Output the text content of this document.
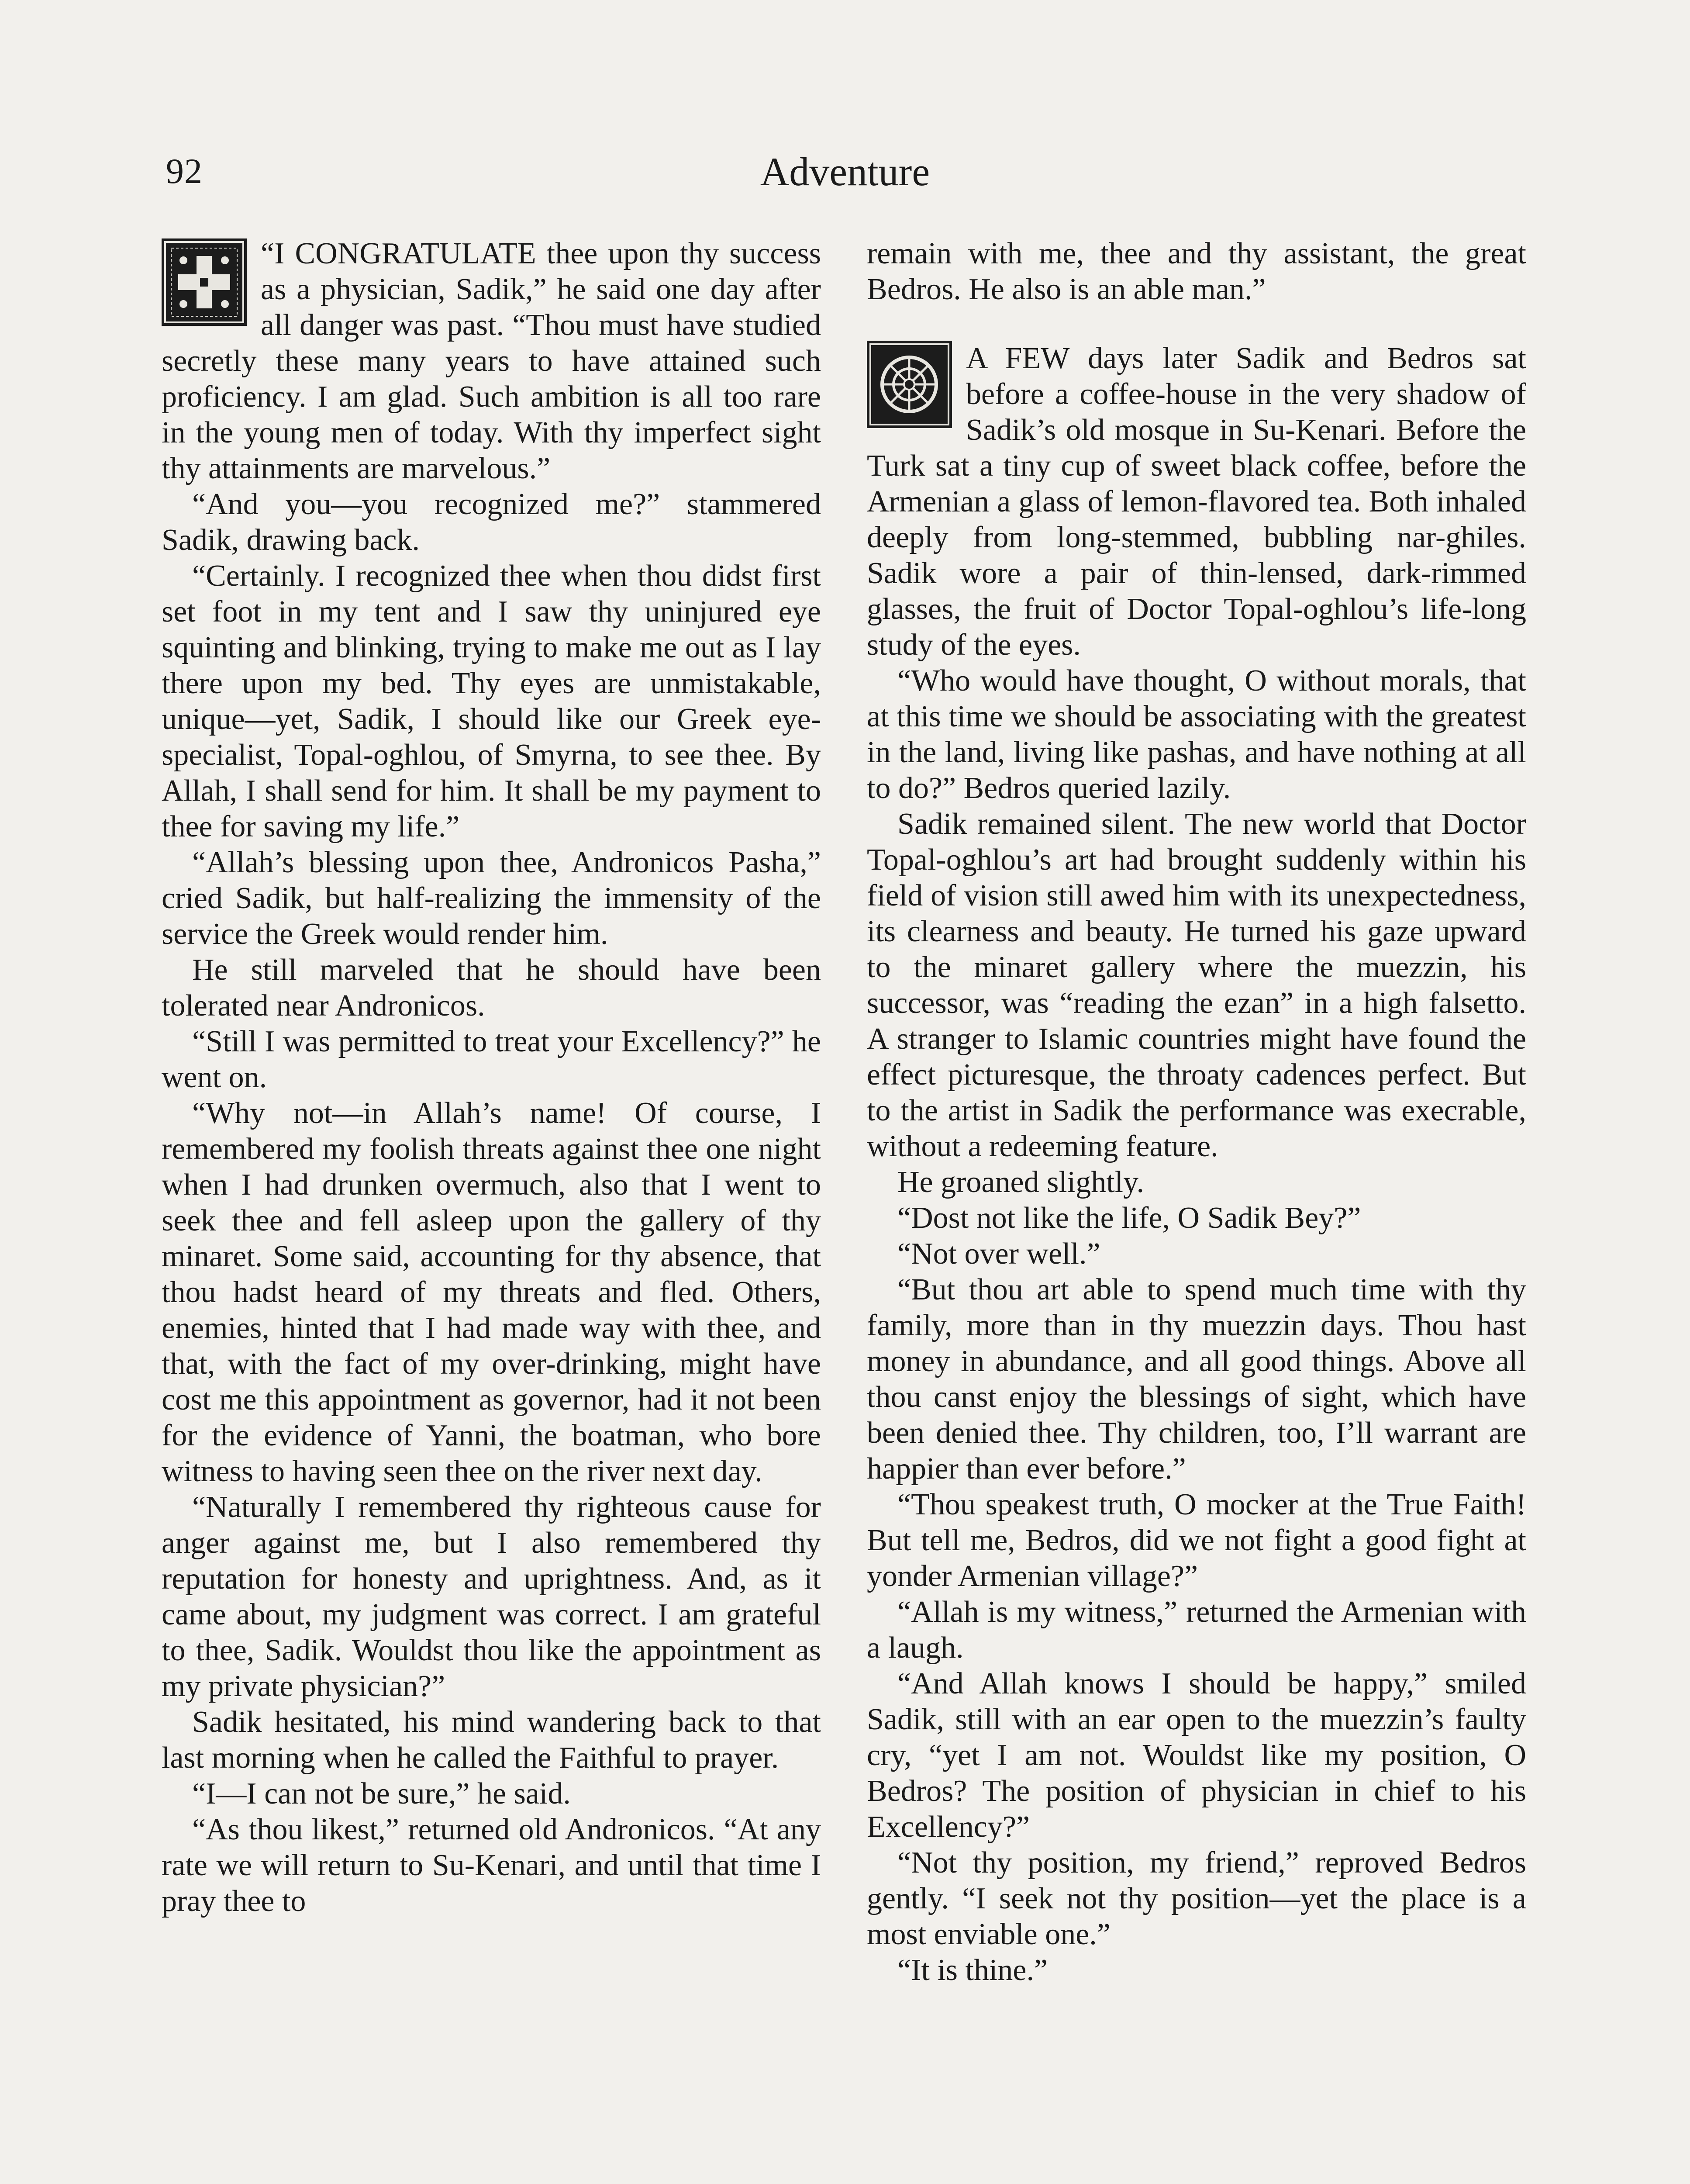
92	Adventure

“I CONGRATULATE thee upon thy success as a physician, Sadik,” he said one day after all danger was past. “Thou must have studied secretly these many years to have attained such proficiency. I am glad. Such ambition is all too rare in the young men of today. With thy imperfect sight thy attainments are marvelous.”

“And you—you recognized me?” stammered Sadik, drawing back.

“Certainly. I recognized thee when thou didst first set foot in my tent and I saw thy uninjured eye squinting and blinking, trying to make me out as I lay there upon my bed. Thy eyes are unmistakable, unique—yet, Sadik, I should like our Greek eye-specialist, Topal-oghlou, of Smyrna, to see thee. By Allah, I shall send for him. It shall be my payment to thee for saving my life.”

“Allah’s blessing upon thee, Andronicos Pasha,” cried Sadik, but half-realizing the immensity of the service the Greek would render him.

He still marveled that he should have been tolerated near Andronicos.

“Still I was permitted to treat your Excellency?” he went on.

“Why not—in Allah’s name! Of course, I remembered my foolish threats against thee one night when I had drunken overmuch, also that I went to seek thee and fell asleep upon the gallery of thy minaret. Some said, accounting for thy absence, that thou hadst heard of my threats and fled. Others, enemies, hinted that I had made way with thee, and that, with the fact of my over-drinking, might have cost me this appointment as governor, had it not been for the evidence of Yanni, the boatman, who bore witness to having seen thee on the river next day.

“Naturally I remembered thy righteous cause for anger against me, but I also remembered thy reputation for honesty and uprightness. And, as it came about, my judgment was correct. I am grateful to thee, Sadik. Wouldst thou like the appointment as my private physician?”

Sadik hesitated, his mind wandering back to that last morning when he called the Faithful to prayer.

“I—I can not be sure,” he said.

“As thou likest,” returned old Andronicos. “At any rate we will return to Su-Kenari, and until that time I pray thee to

remain with me, thee and thy assistant, the great Bedros. He also is an able man.”

A FEW days later Sadik and Bedros sat before a coffee-house in the very shadow of Sadik’s old mosque in Su-Kenari. Before the Turk sat a tiny cup of sweet black coffee, before the Armenian a glass of lemon-flavored tea. Both inhaled deeply from long-stemmed, bubbling nar-ghiles. Sadik wore a pair of thin-lensed, dark-rimmed glasses, the fruit of Doctor Topal-oghlou’s life-long study of the eyes.

“Who would have thought, O without morals, that at this time we should be associating with the greatest in the land, living like pashas, and have nothing at all to do?” Bedros queried lazily.

Sadik remained silent. The new world that Doctor Topal-oghlou’s art had brought suddenly within his field of vision still awed him with its unexpectedness, its clearness and beauty. He turned his gaze upward to the minaret gallery where the muezzin, his successor, was “reading the ezan” in a high falsetto. A stranger to Islamic countries might have found the effect picturesque, the throaty cadences perfect. But to the artist in Sadik the performance was execrable, without a redeeming feature.

He groaned slightly.

“Dost not like the life, O Sadik Bey?”

“Not over well.”

“But thou art able to spend much time with thy family, more than in thy muezzin days. Thou hast money in abundance, and all good things. Above all thou canst enjoy the blessings of sight, which have been denied thee. Thy children, too, I’ll warrant are happier than ever before.”

“Thou speakest truth, O mocker at the True Faith! But tell me, Bedros, did we not fight a good fight at yonder Armenian village?”

“Allah is my witness,” returned the Armenian with a laugh.

“And Allah knows I should be happy,” smiled Sadik, still with an ear open to the muezzin’s faulty cry, “yet I am not. Wouldst like my position, O Bedros? The position of physician in chief to his Excellency?”

“Not thy position, my friend,” reproved Bedros gently. “I seek not thy position—yet the place is a most enviable one.”

“It is thine.”
